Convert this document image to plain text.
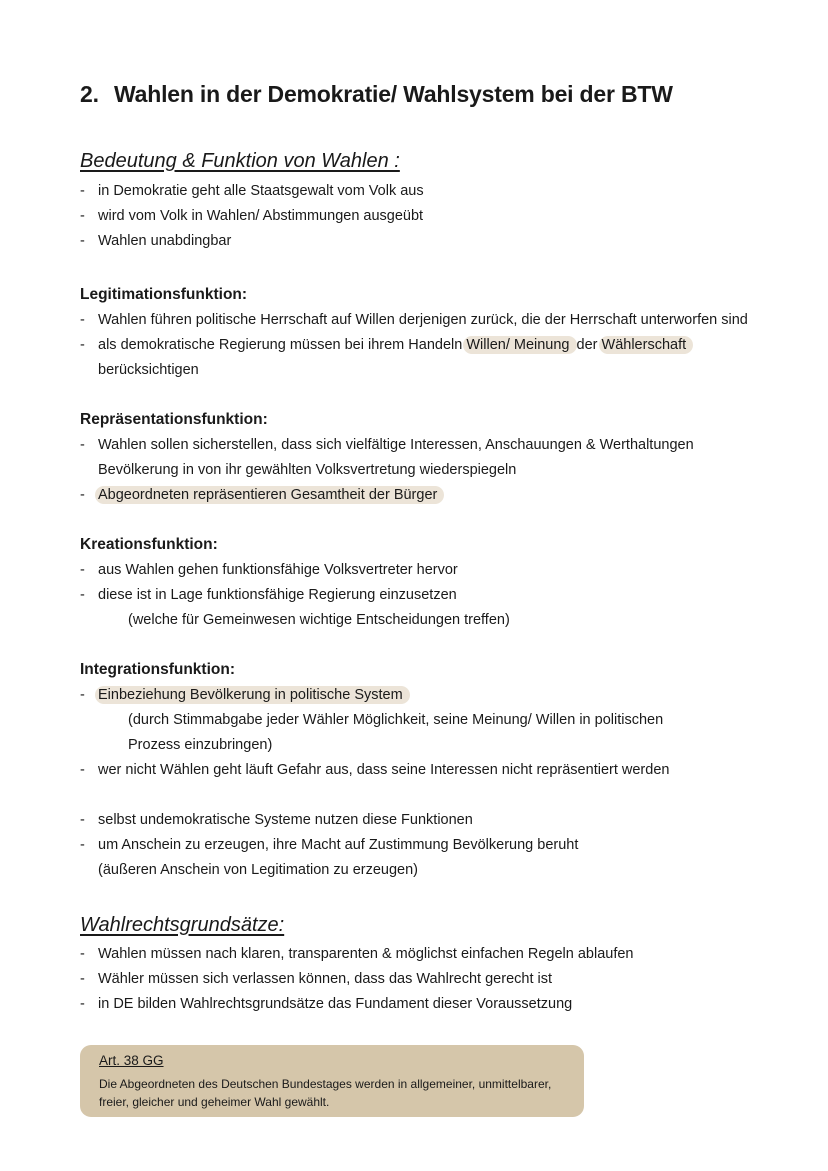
2. Wahlen in der Demokratie/ Wahlsystem bei der BTW
Bedeutung & Funktion von Wahlen :
- in Demokratie geht alle Staatsgewalt vom Volk aus
- wird vom Volk in Wahlen/ Abstimmungen ausgeübt
- Wahlen unabdingbar
Legitimationsfunktion:
- Wahlen führen politische Herrschaft auf Willen derjenigen zurück, die der Herrschaft unterworfen sind
- als demokratische Regierung müssen bei ihrem Handeln Willen/ Meinung der Wählerschaft
berücksichtigen
Repräsentationsfunktion:
- Wahlen sollen sicherstellen, dass sich vielfältige Interessen, Anschauungen & Werthaltungen
Bevölkerung in von ihr gewählten Volksvertretung wiederspiegeln
- Abgeordneten repräsentieren Gesamtheit der Bürger
Kreationsfunktion:
- aus Wahlen gehen funktionsfähige Volksvertreter hervor
- diese ist in Lage funktionsfähige Regierung einzusetzen
(welche für Gemeinwesen wichtige Entscheidungen treffen)
Integrationsfunktion:
- Einbeziehung Bevölkerung in politische System
(durch Stimmabgabe jeder Wähler Möglichkeit, seine Meinung/ Willen in politischen
Prozess einzubringen)
- wer nicht Wählen geht läuft Gefahr aus, dass seine Interessen nicht repräsentiert werden
- selbst undemokratische Systeme nutzen diese Funktionen
- um Anschein zu erzeugen, ihre Macht auf Zustimmung Bevölkerung beruht
(äußeren Anschein von Legitimation zu erzeugen)
Wahlrechtsgrundsätze:
- Wahlen müssen nach klaren, transparenten & möglichst einfachen Regeln ablaufen
- Wähler müssen sich verlassen können, dass das Wahlrecht gerecht ist
- in DE bilden Wahlrechtsgrundsätze das Fundament dieser Voraussetzung
Art. 38 GG
Die Abgeordneten des Deutschen Bundestages werden in allgemeiner, unmittelbarer, freier, gleicher und geheimer Wahl gewählt.
